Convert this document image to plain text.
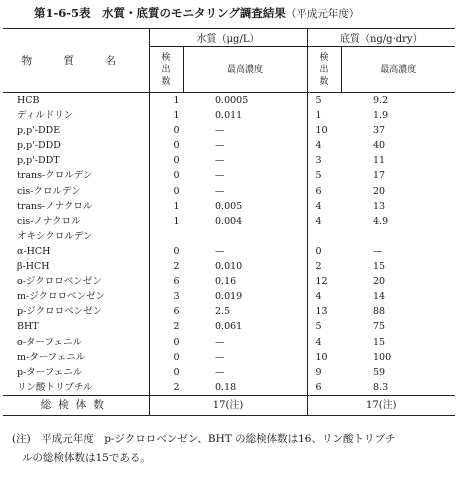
第1-6-5表　水質・底質のモニタリング調査結果（平成元年度）
物 質 名	水質（μg/L）		底質（ng/g·dry）	
	検
出
数	最高濃度	検
出
数	最高濃度
HCB	1	0.0005	5	9.2
ディルドリン	1	0.011	1	1.9
p,p'-DDE	0	—	10	37
p,p'-DDD	0	—	4	40
p,p'-DDT	0	—	3	11
trans-クロルデン	0	—	5	17
cis-クロルデン	0	—	6	20
trans-ノナクロル	1	0.005	4	13
cis-ノナクロル	1	0.004	4	4.9
オキシクロルデン				
α-HCH	0	—	0	—
β-HCH	2	0.010	2	15
o-ジクロロベンゼン	6	0.16	12	20
m-ジクロロベンゼン	3	0.019	4	14
p-ジクロロベンゼン	6	2.5	13	88
BHT	2	0.061	5	75
o-ターフェニル	0	—	4	15
m-ターフェニル	0	—	10	100
p-ターフェニル	0	—	9	59
リン酸トリブチル	2	0.18	6	8.3
総検体数	17(注)		17(注)	
(注)　平成元年度　p-ジクロロベンゼン、BHT の総検体数は16、リン酸トリブチ
ルの総検体数は15である。
